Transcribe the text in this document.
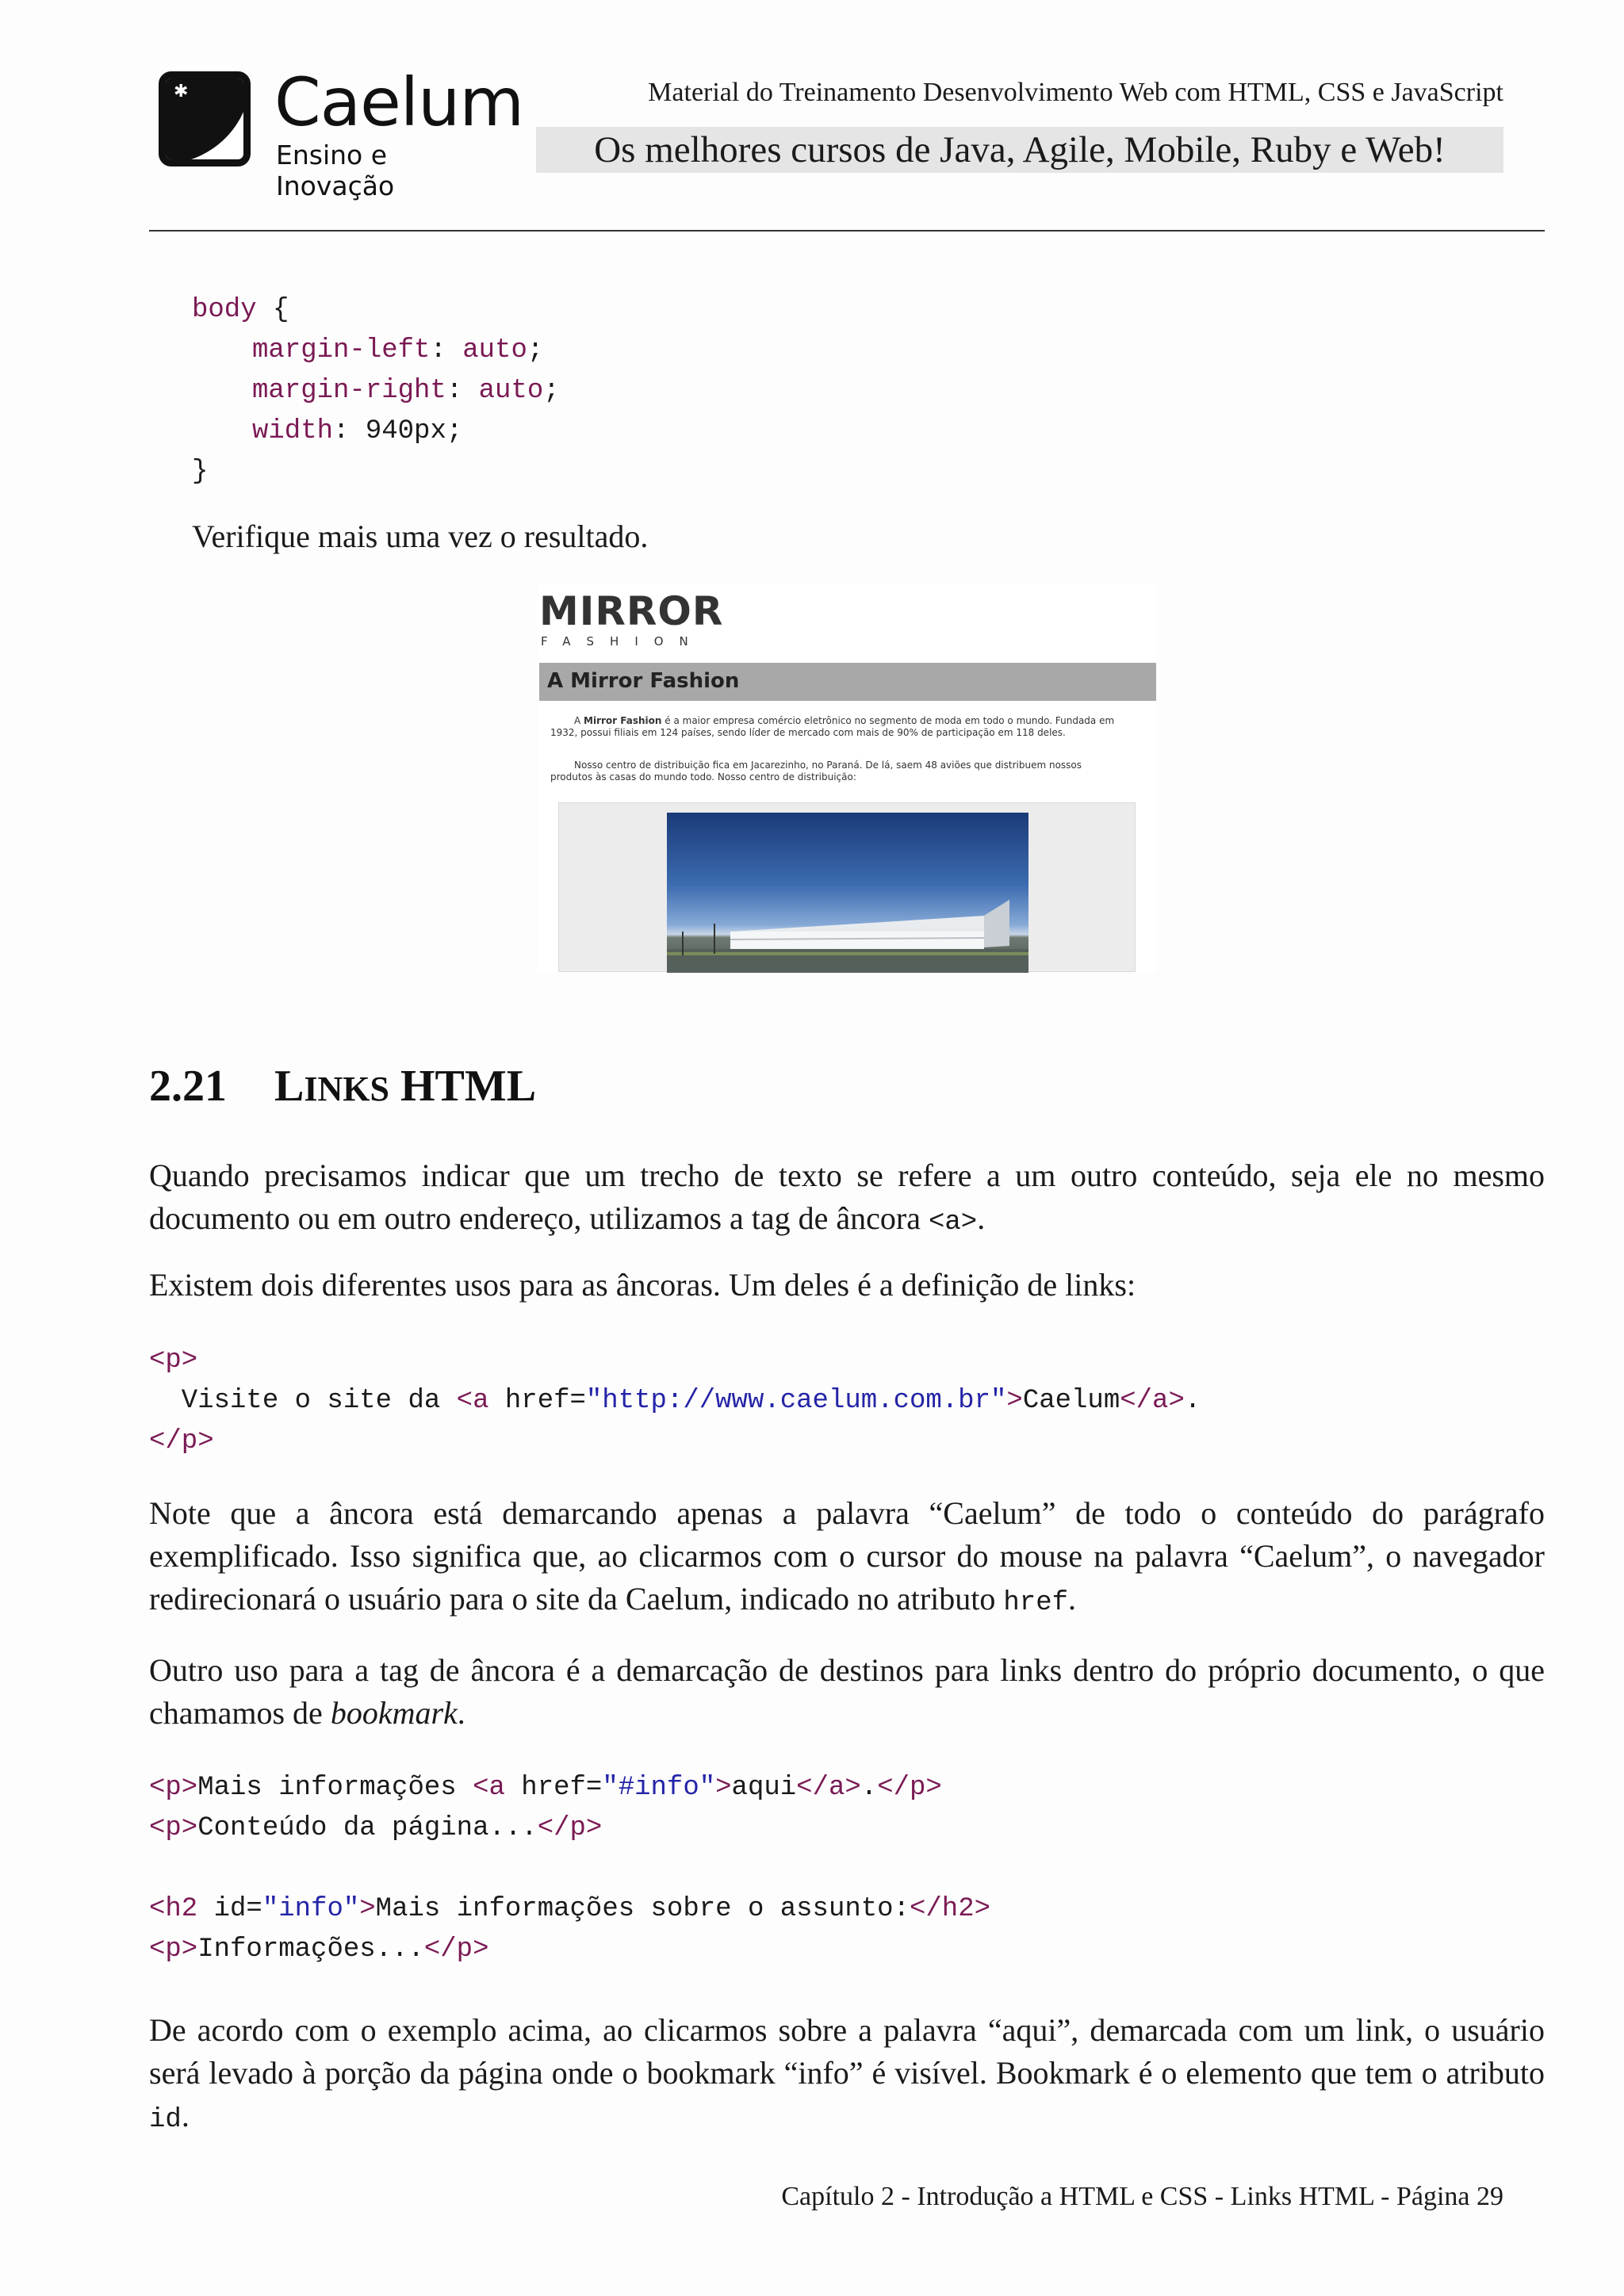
✱ Caelum
Ensino e Inovação
Material do Treinamento Desenvolvimento Web com HTML, CSS e JavaScript
Os melhores cursos de Java, Agile, Mobile, Ruby e Web!
body {
margin-left: auto;
margin-right: auto;
width: 940px;
}
Verifique mais uma vez o resultado.
MIRROR
FASHION
A Mirror Fashion
A Mirror Fashion é a maior empresa comércio eletrônico no segmento de moda em todo o mundo. Fundada em 1932, possui filiais em 124 países, sendo líder de mercado com mais de 90% de participação em 118 deles.
Nosso centro de distribuição fica em Jacarezinho, no Paraná. De lá, saem 48 aviões que distribuem nossos produtos às casas do mundo todo. Nosso centro de distribuição:
2.21 LINKS HTML
Quando precisamos indicar que um trecho de texto se refere a um outro conteúdo, seja ele no mesmo documento ou em outro endereço, utilizamos a tag de âncora <a>.
Existem dois diferentes usos para as âncoras. Um deles é a definição de links:
<p>
Visite o site da <a href="http://www.caelum.com.br">Caelum</a>.
</p>
Note que a âncora está demarcando apenas a palavra “Caelum” de todo o conteúdo do parágrafo exemplificado. Isso significa que, ao clicarmos com o cursor do mouse na palavra “Caelum”, o navegador redirecionará o usuário para o site da Caelum, indicado no atributo href.
Outro uso para a tag de âncora é a demarcação de destinos para links dentro do próprio documento, o que chamamos de bookmark.
<p>Mais informações <a href="#info">aqui</a>.</p>
<p>Conteúdo da página...</p>
<h2 id="info">Mais informações sobre o assunto:</h2>
<p>Informações...</p>
De acordo com o exemplo acima, ao clicarmos sobre a palavra “aqui”, demarcada com um link, o usuário será levado à porção da página onde o bookmark “info” é visível. Bookmark é o elemento que tem o atributo id.
Capítulo 2 - Introdução a HTML e CSS - Links HTML - Página 29
